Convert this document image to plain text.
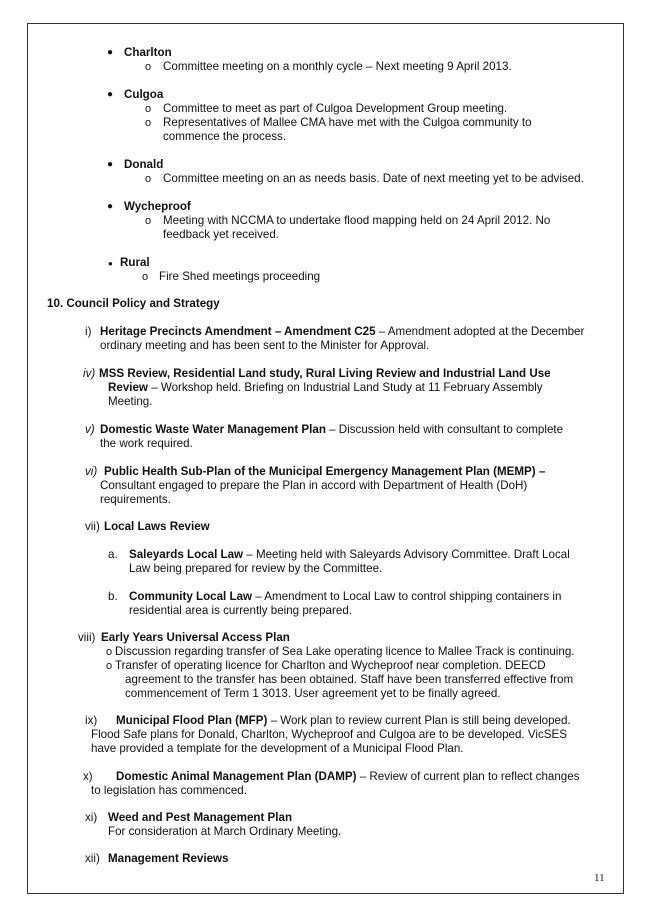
● Charlton
o Committee meeting on a monthly cycle – Next meeting 9 April 2013.
● Culgoa
o Committee to meet as part of Culgoa Development Group meeting.
o Representatives of Mallee CMA have met with the Culgoa community to
commence the process.
● Donald
o Committee meeting on an as needs basis. Date of next meeting yet to be advised.
● Wycheproof
o Meeting with NCCMA to undertake flood mapping held on 24 April 2012. No
feedback yet received.
● Rural
o Fire Shed meetings proceeding
10. Council Policy and Strategy
i) Heritage Precincts Amendment – Amendment C25 – Amendment adopted at the December
ordinary meeting and has been sent to the Minister for Approval.
iv) MSS Review, Residential Land study, Rural Living Review and Industrial Land Use
Review – Workshop held. Briefing on Industrial Land Study at 11 February Assembly
Meeting.
v) Domestic Waste Water Management Plan – Discussion held with consultant to complete
the work required.
vi) Public Health Sub-Plan of the Municipal Emergency Management Plan (MEMP) –
Consultant engaged to prepare the Plan in accord with Department of Health (DoH)
requirements.
vii) Local Laws Review
a. Saleyards Local Law – Meeting held with Saleyards Advisory Committee. Draft Local
Law being prepared for review by the Committee.
b. Community Local Law – Amendment to Local Law to control shipping containers in
residential area is currently being prepared.
viii) Early Years Universal Access Plan
o Discussion regarding transfer of Sea Lake operating licence to Mallee Track is continuing.
o Transfer of operating licence for Charlton and Wycheproof near completion. DEECD
agreement to the transfer has been obtained. Staff have been transferred effective from
commencement of Term 1 3013. User agreement yet to be finally agreed.
ix) Municipal Flood Plan (MFP) – Work plan to review current Plan is still being developed.
Flood Safe plans for Donald, Charlton, Wycheproof and Culgoa are to be developed. VicSES
have provided a template for the development of a Municipal Flood Plan.
x) Domestic Animal Management Plan (DAMP) – Review of current plan to reflect changes
to legislation has commenced.
xi) Weed and Pest Management Plan
For consideration at March Ordinary Meeting.
xii) Management Reviews
11
